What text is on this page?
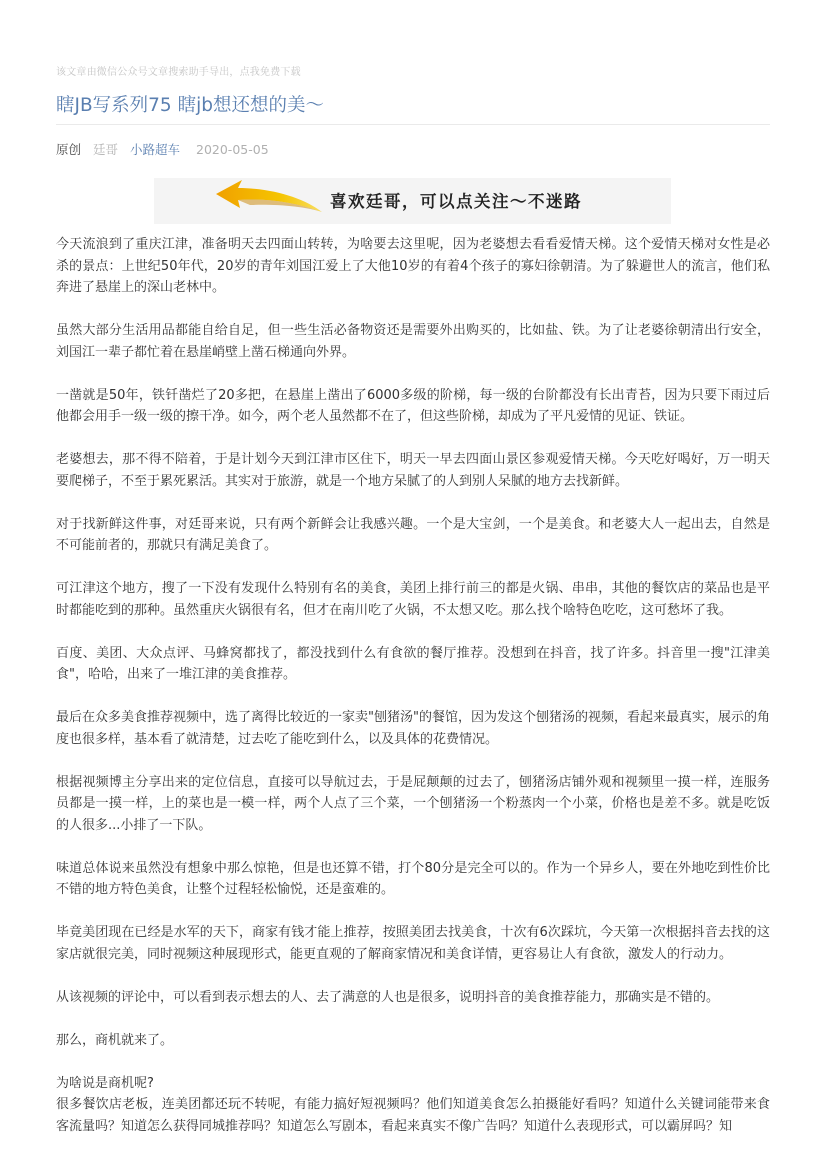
该文章由微信公众号文章搜索助手导出，点我免费下载
瞎JB写系列75 瞎jb想还想的美～
原创 廷哥 小路超车 2020-05-05
喜欢廷哥，可以点关注～不迷路

今天流浪到了重庆江津，准备明天去四面山转转，为啥要去这里呢，因为老婆想去看看爱情天梯。这个爱情天梯对女性是必杀的景点：上世纪50年代，20岁的青年刘国江爱上了大他10岁的有着4个孩子的寡妇徐朝清。为了躲避世人的流言，他们私奔进了悬崖上的深山老林中。

虽然大部分生活用品都能自给自足，但一些生活必备物资还是需要外出购买的，比如盐、铁。为了让老婆徐朝清出行安全，刘国江一辈子都忙着在悬崖峭壁上凿石梯通向外界。

一凿就是50年，铁钎凿烂了20多把，在悬崖上凿出了6000多级的阶梯，每一级的台阶都没有长出青苔，因为只要下雨过后他都会用手一级一级的擦干净。如今，两个老人虽然都不在了，但这些阶梯，却成为了平凡爱情的见证、铁证。

老婆想去，那不得不陪着，于是计划今天到江津市区住下，明天一早去四面山景区参观爱情天梯。今天吃好喝好，万一明天要爬梯子，不至于累死累活。其实对于旅游，就是一个地方呆腻了的人到别人呆腻的地方去找新鲜。

对于找新鲜这件事，对廷哥来说，只有两个新鲜会让我感兴趣。一个是大宝剑，一个是美食。和老婆大人一起出去，自然是不可能前者的，那就只有满足美食了。

可江津这个地方，搜了一下没有发现什么特别有名的美食，美团上排行前三的都是火锅、串串，其他的餐饮店的菜品也是平时都能吃到的那种。虽然重庆火锅很有名，但才在南川吃了火锅，不太想又吃。那么找个啥特色吃吃，这可愁坏了我。

百度、美团、大众点评、马蜂窝都找了，都没找到什么有食欲的餐厅推荐。没想到在抖音，找了许多。抖音里一搜"江津美食"，哈哈，出来了一堆江津的美食推荐。

最后在众多美食推荐视频中，选了离得比较近的一家卖"刨猪汤"的餐馆，因为发这个刨猪汤的视频，看起来最真实，展示的角度也很多样，基本看了就清楚，过去吃了能吃到什么，以及具体的花费情况。

根据视频博主分享出来的定位信息，直接可以导航过去，于是屁颠颠的过去了，刨猪汤店铺外观和视频里一摸一样，连服务员都是一摸一样，上的菜也是一模一样，两个人点了三个菜，一个刨猪汤一个粉蒸肉一个小菜，价格也是差不多。就是吃饭的人很多...小排了一下队。

味道总体说来虽然没有想象中那么惊艳，但是也还算不错，打个80分是完全可以的。作为一个异乡人，要在外地吃到性价比不错的地方特色美食，让整个过程轻松愉悦，还是蛮难的。

毕竟美团现在已经是水军的天下，商家有钱才能上推荐，按照美团去找美食，十次有6次踩坑，今天第一次根据抖音去找的这家店就很完美，同时视频这种展现形式，能更直观的了解商家情况和美食详情，更容易让人有食欲，激发人的行动力。

从该视频的评论中，可以看到表示想去的人、去了满意的人也是很多，说明抖音的美食推荐能力，那确实是不错的。

那么，商机就来了。

为啥说是商机呢?

很多餐饮店老板，连美团都还玩不转呢，有能力搞好短视频吗？他们知道美食怎么拍摄能好看吗？知道什么关键词能带来食客流量吗？知道怎么获得同城推荐吗？知道怎么写剧本，看起来真实不像广告吗？知道什么表现形式，可以霸屏吗？知
